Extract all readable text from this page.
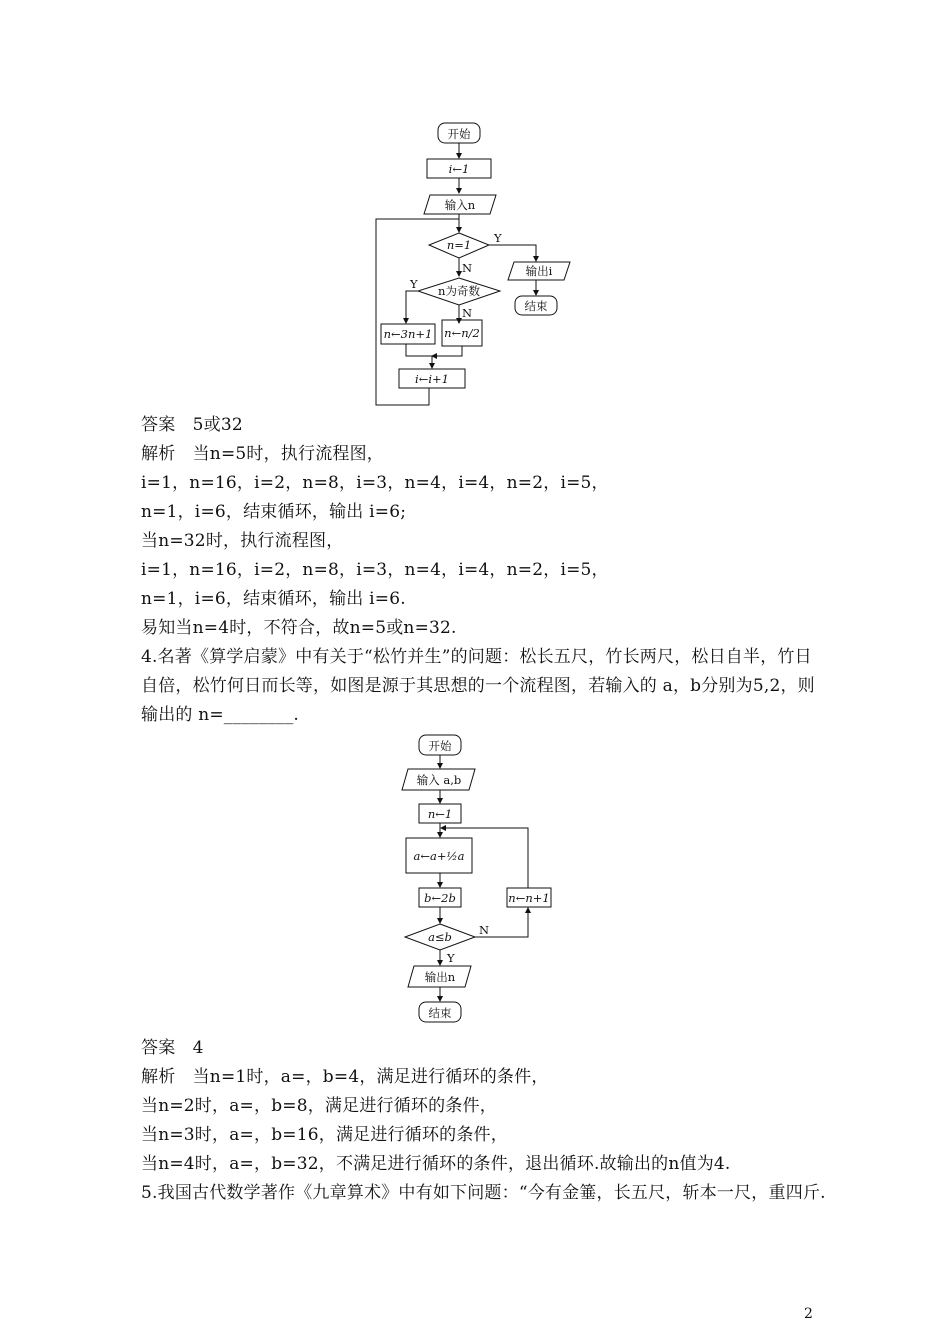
开始
i←1
输入n
n=1 Y
N	输出i
结束
n为奇数
Y
N
n←3n+1 n←n/2
i←i+1
答案　5或32
解析　当n=5时，执行流程图，
i=1，n=16，i=2，n=8，i=3，n=4，i=4，n=2，i=5，
n=1，i=6，结束循环，输出 i=6;
当n=32时，执行流程图，
i=1，n=16，i=2，n=8，i=3，n=4，i=4，n=2，i=5，
n=1，i=6，结束循环，输出 i=6.
易知当n=4时，不符合，故n=5或n=32.
4.名著《算学启蒙》中有关于“松竹并生”的问题：松长五尺，竹长两尺，松日自半，竹日
自倍，松竹何日而长等，如图是源于其思想的一个流程图，若输入的 a，b分别为5,2，则
输出的 n=________.
开始
输入 a,b
n←1
a←a+½a
b←2b
a≤b N
Y
n←n+1
输出n
结束
答案　4
解析　当n=1时，a=，b=4，满足进行循环的条件，
当n=2时，a=，b=8，满足进行循环的条件，
当n=3时，a=，b=16，满足进行循环的条件，
当n=4时，a=，b=32，不满足进行循环的条件，退出循环.故输出的n值为4.
5.我国古代数学著作《九章算术》中有如下问题：“今有金箠，长五尺，斩本一尺，重四斤.
2
